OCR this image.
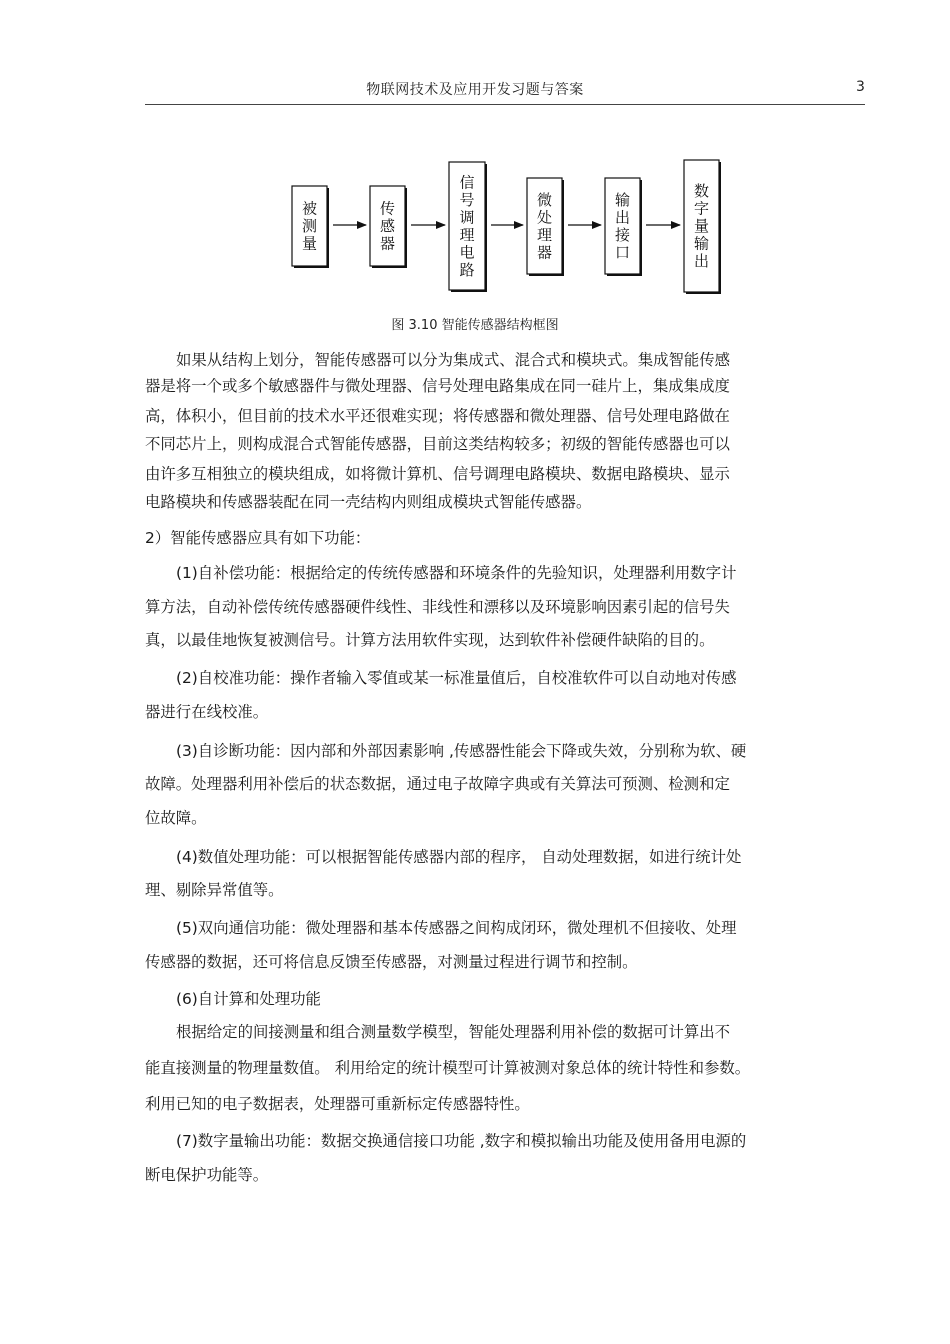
物联网技术及应用开发习题与答案	3
被
测
量
传
感
器
信
号
调
理
电
路
微
处
理
器
输
出
接
口
数
字
量
输
出
图 3.10 智能传感器结构框图
如果从结构上划分，智能传感器可以分为集成式、混合式和模块式。集成智能传感
器是将一个或多个敏感器件与微处理器、信号处理电路集成在同一硅片上，集成集成度
高，体积小，但目前的技术水平还很难实现；将传感器和微处理器、信号处理电路做在
不同芯片上，则构成混合式智能传感器，目前这类结构较多；初级的智能传感器也可以
由许多互相独立的模块组成，如将微计算机、信号调理电路模块、数据电路模块、显示
电路模块和传感器装配在同一壳结构内则组成模块式智能传感器。
2）智能传感器应具有如下功能：
(1)自补偿功能：根据给定的传统传感器和环境条件的先验知识，处理器利用数字计
算方法，自动补偿传统传感器硬件线性、非线性和漂移以及环境影响因素引起的信号失
真，以最佳地恢复被测信号。计算方法用软件实现，达到软件补偿硬件缺陷的目的。
(2)自校准功能：操作者输入零值或某一标准量值后，自校准软件可以自动地对传感
器进行在线校准。
(3)自诊断功能：因内部和外部因素影响 ,传感器性能会下降或失效，分别称为软、硬
故障。处理器利用补偿后的状态数据，通过电子故障字典或有关算法可预测、检测和定
位故障。
(4)数值处理功能：可以根据智能传感器内部的程序， 自动处理数据，如进行统计处
理、剔除异常值等。
(5)双向通信功能：微处理器和基本传感器之间构成闭环，微处理机不但接收、处理
传感器的数据，还可将信息反馈至传感器，对测量过程进行调节和控制。
(6)自计算和处理功能
根据给定的间接测量和组合测量数学模型，智能处理器利用补偿的数据可计算出不
能直接测量的物理量数值。 利用给定的统计模型可计算被测对象总体的统计特性和参数。
利用已知的电子数据表，处理器可重新标定传感器特性。
(7)数字量输出功能：数据交换通信接口功能 ,数字和模拟输出功能及使用备用电源的
断电保护功能等。
